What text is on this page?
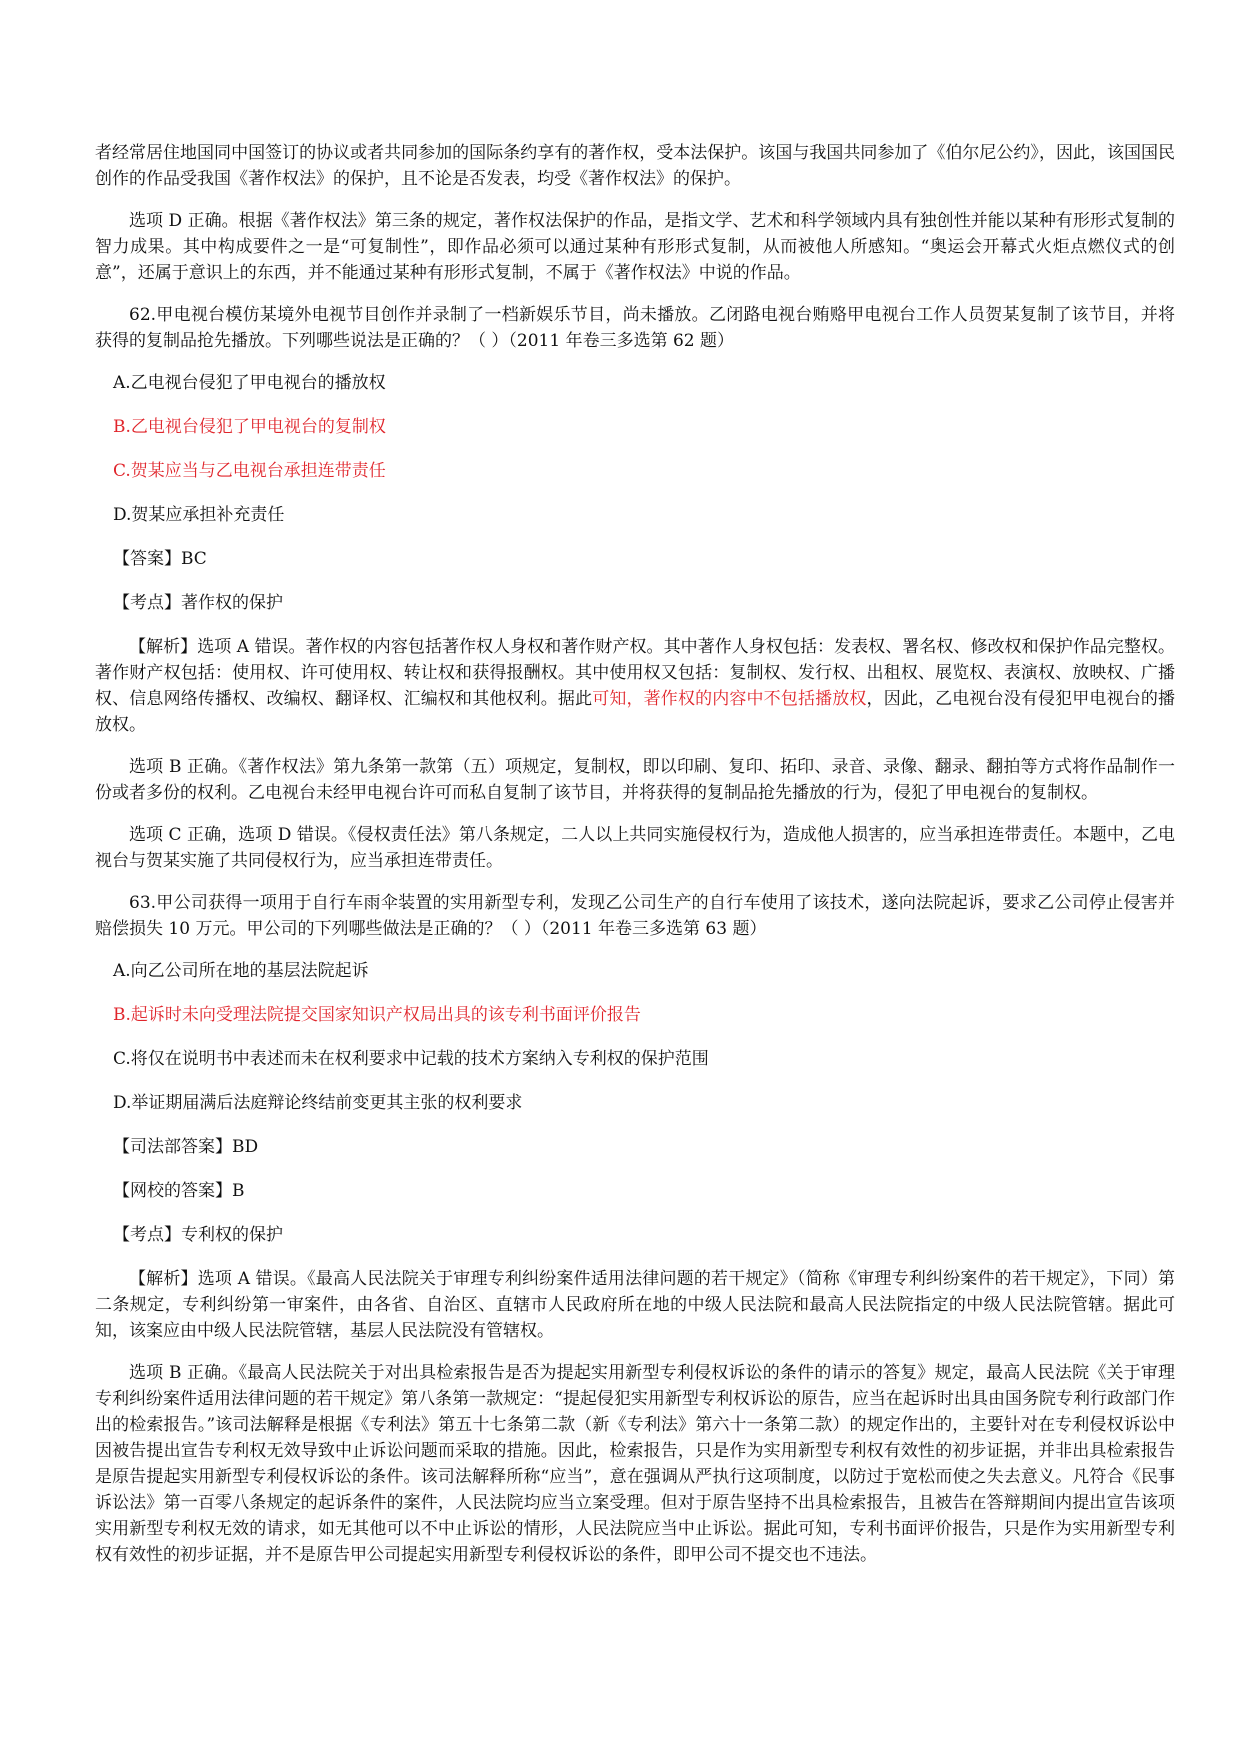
者经常居住地国同中国签订的协议或者共同参加的国际条约享有的著作权，受本法保护。该国与我国共同参加了《伯尔尼公约》，因此，该国国民创作的作品受我国《著作权法》的保护，且不论是否发表，均受《著作权法》的保护。

选项 D 正确。根据《著作权法》第三条的规定，著作权法保护的作品，是指文学、艺术和科学领域内具有独创性并能以某种有形形式复制的智力成果。其中构成要件之一是“可复制性”，即作品必须可以通过某种有形形式复制，从而被他人所感知。“奥运会开幕式火炬点燃仪式的创意”，还属于意识上的东西，并不能通过某种有形形式复制，不属于《著作权法》中说的作品。

62.甲电视台模仿某境外电视节目创作并录制了一档新娱乐节目，尚未播放。乙闭路电视台贿赂甲电视台工作人员贺某复制了该节目，并将获得的复制品抢先播放。下列哪些说法是正确的？（ ）（2011 年卷三多选第 62 题）

A.乙电视台侵犯了甲电视台的播放权

B.乙电视台侵犯了甲电视台的复制权

C.贺某应当与乙电视台承担连带责任

D.贺某应承担补充责任

【答案】BC

【考点】著作权的保护

【解析】选项 A 错误。著作权的内容包括著作权人身权和著作财产权。其中著作人身权包括：发表权、署名权、修改权和保护作品完整权。著作财产权包括：使用权、许可使用权、转让权和获得报酬权。其中使用权又包括：复制权、发行权、出租权、展览权、表演权、放映权、广播权、信息网络传播权、改编权、翻译权、汇编权和其他权利。据此可知，著作权的内容中不包括播放权，因此，乙电视台没有侵犯甲电视台的播放权。

选项 B 正确。《著作权法》第九条第一款第（五）项规定，复制权，即以印刷、复印、拓印、录音、录像、翻录、翻拍等方式将作品制作一份或者多份的权利。乙电视台未经甲电视台许可而私自复制了该节目，并将获得的复制品抢先播放的行为，侵犯了甲电视台的复制权。

选项 C 正确，选项 D 错误。《侵权责任法》第八条规定，二人以上共同实施侵权行为，造成他人损害的，应当承担连带责任。本题中，乙电视台与贺某实施了共同侵权行为，应当承担连带责任。

63.甲公司获得一项用于自行车雨伞装置的实用新型专利，发现乙公司生产的自行车使用了该技术，遂向法院起诉，要求乙公司停止侵害并赔偿损失 10 万元。甲公司的下列哪些做法是正确的？（ ）（2011 年卷三多选第 63 题）

A.向乙公司所在地的基层法院起诉

B.起诉时未向受理法院提交国家知识产权局出具的该专利书面评价报告

C.将仅在说明书中表述而未在权利要求中记载的技术方案纳入专利权的保护范围

D.举证期届满后法庭辩论终结前变更其主张的权利要求

【司法部答案】BD

【网校的答案】B

【考点】专利权的保护

【解析】选项 A 错误。《最高人民法院关于审理专利纠纷案件适用法律问题的若干规定》（简称《审理专利纠纷案件的若干规定》，下同）第二条规定，专利纠纷第一审案件，由各省、自治区、直辖市人民政府所在地的中级人民法院和最高人民法院指定的中级人民法院管辖。据此可知，该案应由中级人民法院管辖，基层人民法院没有管辖权。

选项 B 正确。《最高人民法院关于对出具检索报告是否为提起实用新型专利侵权诉讼的条件的请示的答复》规定，最高人民法院《关于审理专利纠纷案件适用法律问题的若干规定》第八条第一款规定：“提起侵犯实用新型专利权诉讼的原告，应当在起诉时出具由国务院专利行政部门作出的检索报告。”该司法解释是根据《专利法》第五十七条第二款（新《专利法》第六十一条第二款）的规定作出的，主要针对在专利侵权诉讼中因被告提出宣告专利权无效导致中止诉讼问题而采取的措施。因此，检索报告，只是作为实用新型专利权有效性的初步证据，并非出具检索报告是原告提起实用新型专利侵权诉讼的条件。该司法解释所称“应当”，意在强调从严执行这项制度，以防过于宽松而使之失去意义。凡符合《民事诉讼法》第一百零八条规定的起诉条件的案件，人民法院均应当立案受理。但对于原告坚持不出具检索报告，且被告在答辩期间内提出宣告该项实用新型专利权无效的请求，如无其他可以不中止诉讼的情形，人民法院应当中止诉讼。据此可知，专利书面评价报告，只是作为实用新型专利权有效性的初步证据，并不是原告甲公司提起实用新型专利侵权诉讼的条件，即甲公司不提交也不违法。
